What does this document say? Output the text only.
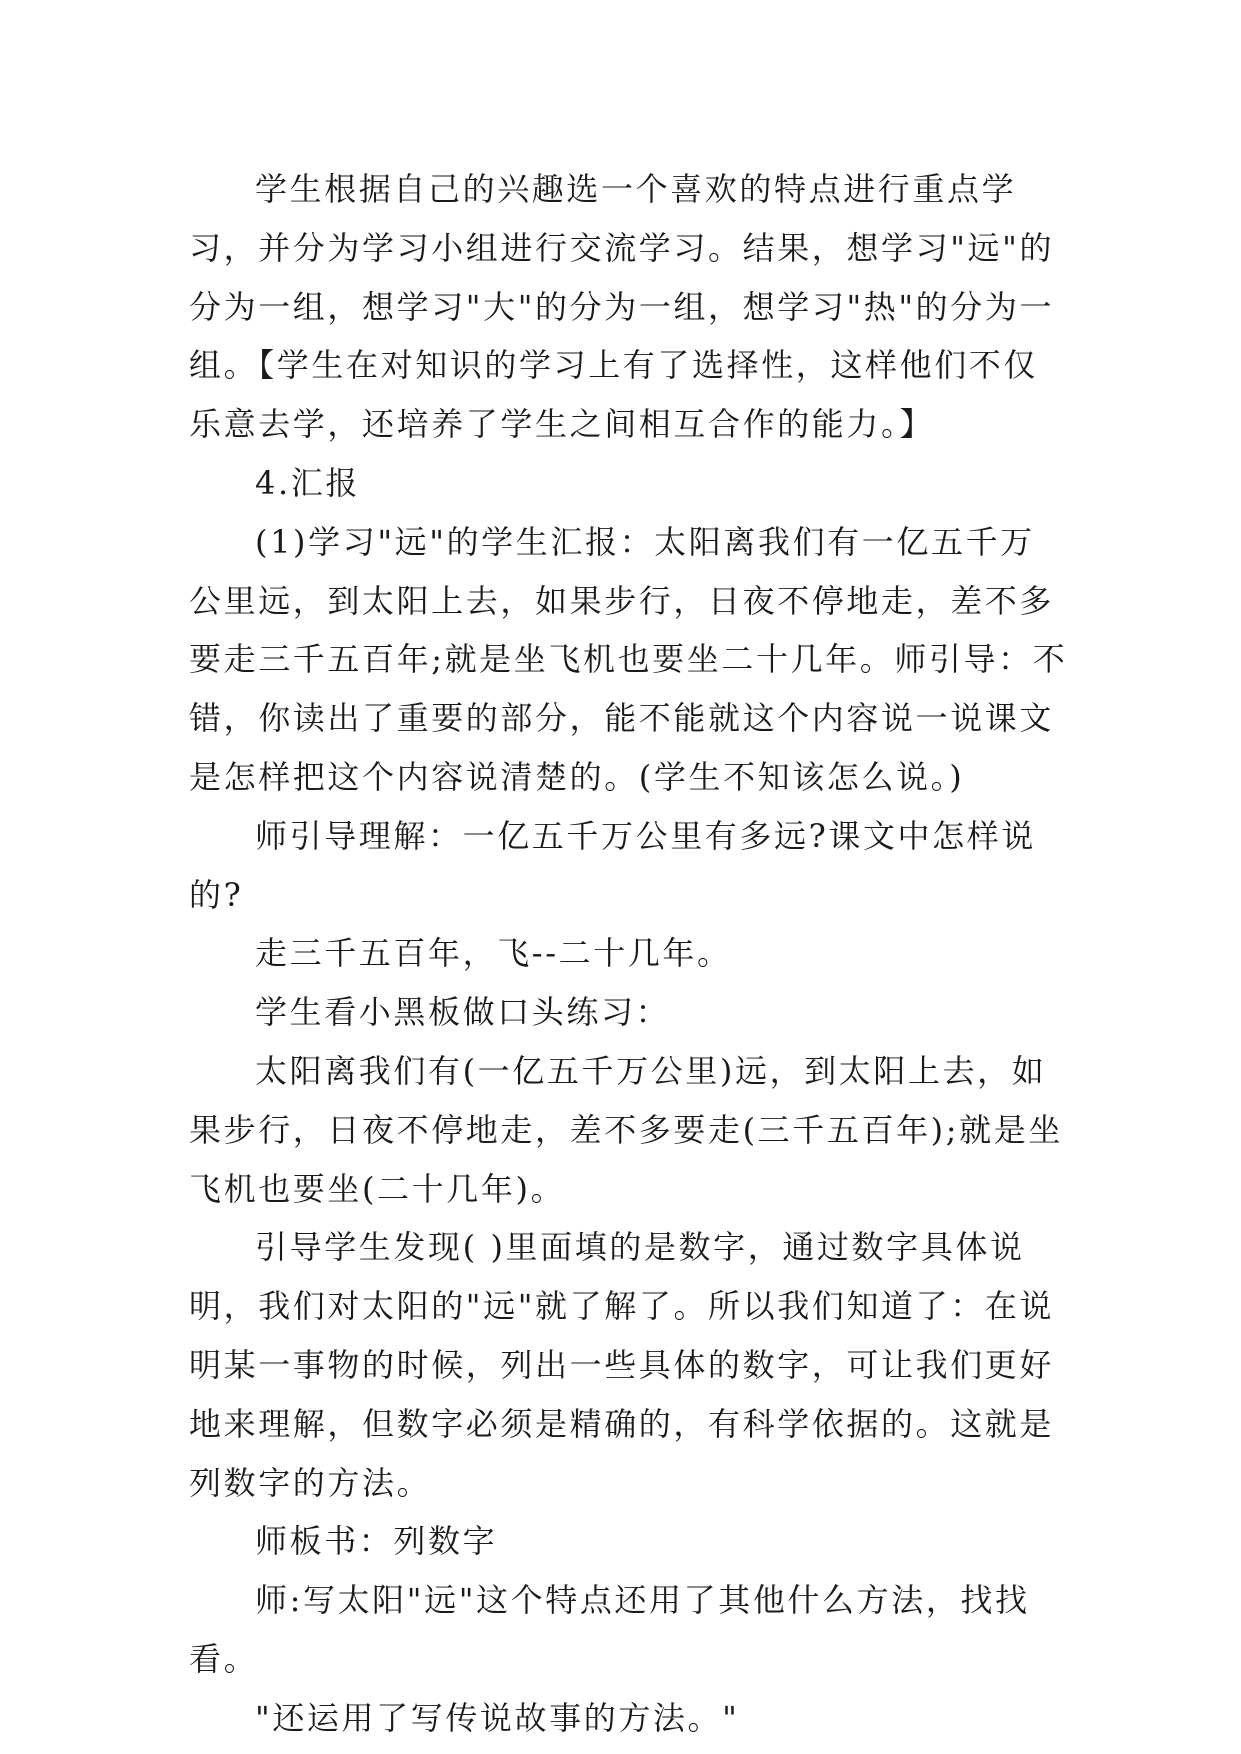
学生根据自己的兴趣选一个喜欢的特点进行重点学习，并分为学习小组进行交流学习。结果，想学习"远"的分为一组，想学习"大"的分为一组，想学习"热"的分为一组。【学生在对知识的学习上有了选择性，这样他们不仅乐意去学，还培养了学生之间相互合作的能力。】

4.汇报

(1)学习"远"的学生汇报：太阳离我们有一亿五千万公里远，到太阳上去，如果步行，日夜不停地走，差不多要走三千五百年;就是坐飞机也要坐二十几年。师引导：不错，你读出了重要的部分，能不能就这个内容说一说课文是怎样把这个内容说清楚的。(学生不知该怎么说。)

师引导理解：一亿五千万公里有多远?课文中怎样说的?

走三千五百年，飞--二十几年。

学生看小黑板做口头练习：

太阳离我们有(一亿五千万公里)远，到太阳上去，如果步行，日夜不停地走，差不多要走(三千五百年);就是坐飞机也要坐(二十几年)。

引导学生发现( )里面填的是数字，通过数字具体说明，我们对太阳的"远"就了解了。所以我们知道了：在说明某一事物的时候，列出一些具体的数字，可让我们更好地来理解，但数字必须是精确的，有科学依据的。这就是列数字的方法。

师板书：列数字

师:写太阳"远"这个特点还用了其他什么方法，找找看。

"还运用了写传说故事的方法。"
